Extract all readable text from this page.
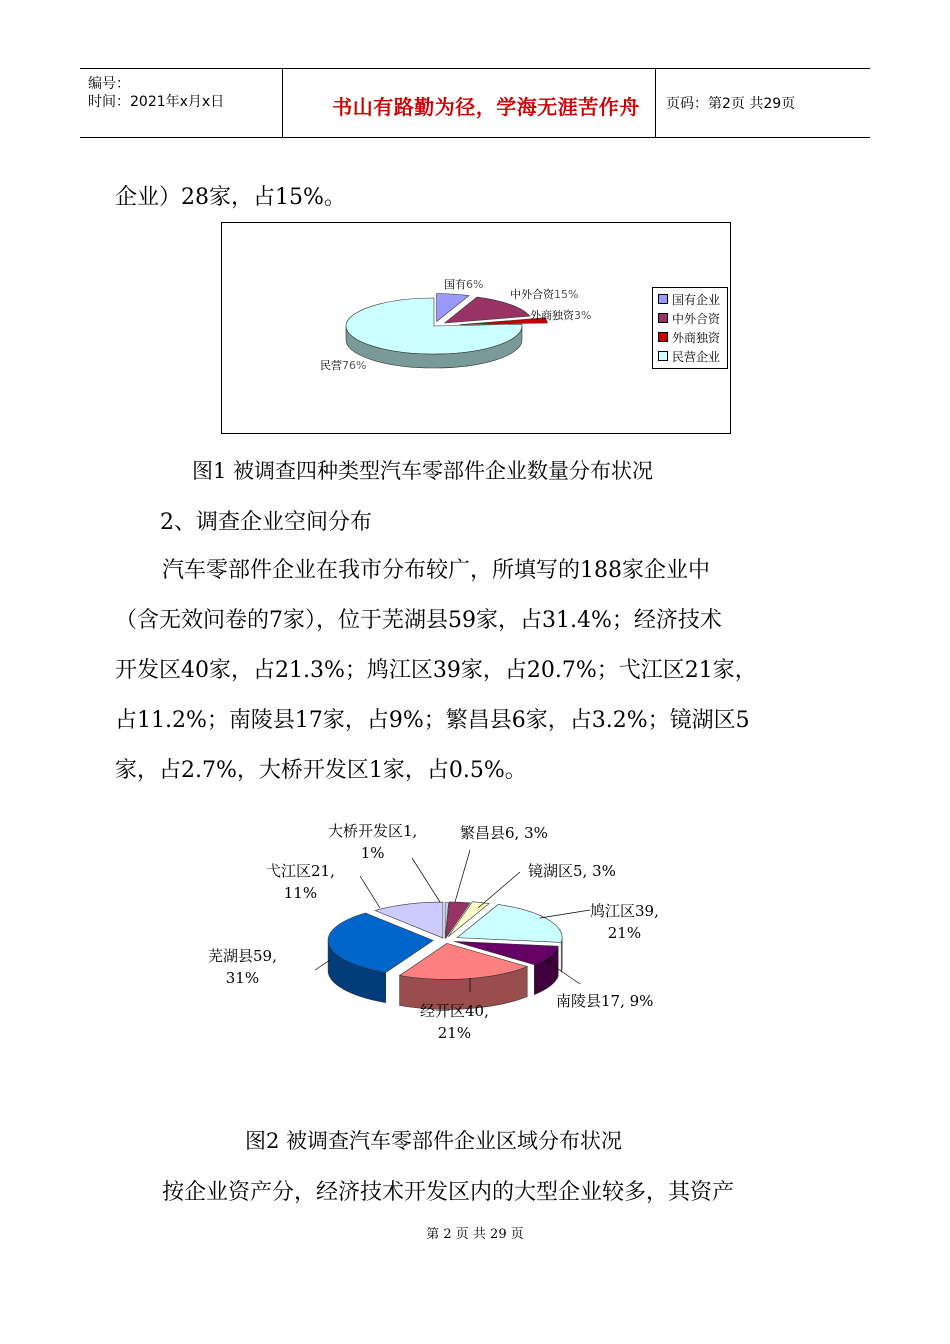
编号：
时间：2021年x月x日	书山有路勤为径，学海无涯苦作舟	页码：第2页 共29页
企业）28家，占15%。
国有6%
中外合资15%
外商独资3%
民营76%
国有企业
中外合资
外商独资
民营企业
图1 被调查四种类型汽车零部件企业数量分布状况
2、调查企业空间分布
汽车零部件企业在我市分布较广，所填写的188家企业中
（含无效问卷的7家），位于芜湖县59家，占31.4%；经济技术
开发区40家，占21.3%；鸠江区39家，占20.7%；弋江区21家，
占11.2%；南陵县17家，占9%；繁昌县6家，占3.2%；镜湖区5
家，占2.7%，大桥开发区1家，占0.5%。
大桥开发区1,
1%
繁昌县6, 3%
镜湖区5, 3%
鸠江区39,
21%
南陵县17, 9%
经开区40,
21%
芜湖县59,
31%
弋江区21,
11%
图2 被调查汽车零部件企业区域分布状况
按企业资产分，经济技术开发区内的大型企业较多，其资产
第 2 页 共 29 页
